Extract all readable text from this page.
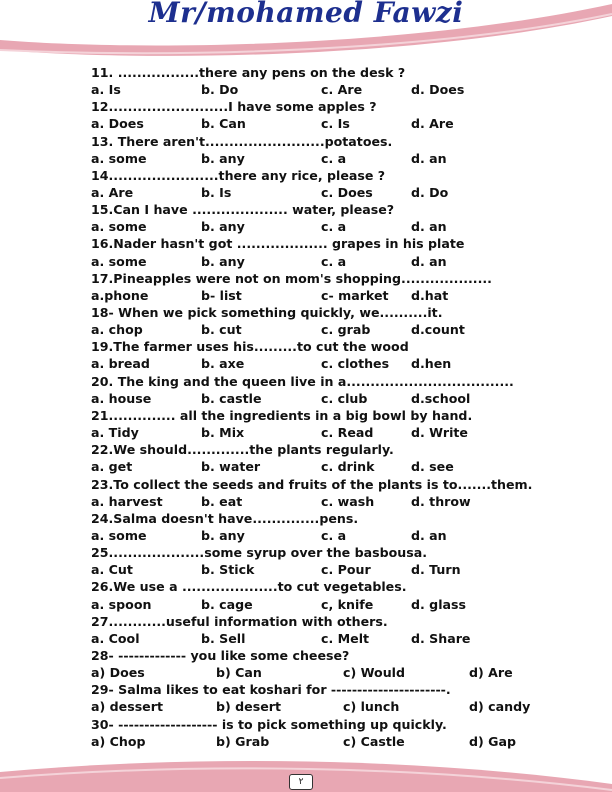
Mr/mohamed Fawzi
11. .................there any pens on the desk ?
a. Is	b. Do	c. Are	d. Does
12.........................I have some apples ?
a. Does	b. Can	c. Is	d. Are
13. There aren't.........................potatoes.
a. some	b. any	c. a	d. an
14.......................there any rice, please ?
a. Are	b. Is	c. Does	d. Do
15.Can I have .................... water, please?
a. some	b. any	c. a	d. an
16.Nader hasn't got ................... grapes in his plate
a. some	b. any	c. a	d. an
17.Pineapples were not on mom's shopping...................
a.phone	b- list	c- market d.hat
18- When we pick something quickly, we..........it.
a. chop	b. cut	c. grab	d.count
19.The farmer uses his.........to cut the wood
a. bread	b. axe	c. clothes d.hen
20. The king and the queen live in a...................................
a. house	b. castle	c. club	d.school
21.............. all the ingredients in a big bowl by hand.
a. Tidy	b. Mix	c. Read	d. Write
22.We should.............the plants regularly.
a. get	b. water	c. drink	d. see
23.To collect the seeds and fruits of the plants is to.......them.
a. harvest	b. eat	c. wash	d. throw
24.Salma doesn't have..............pens.
a. some	b. any	c. a	d. an
25....................some syrup over the basbousa.
a. Cut	b. Stick	c. Pour	d. Turn
26.We use a ....................to cut vegetables.
a. spoon	b. cage	c, knife	d. glass
27............useful information with others.
a. Cool	b. Sell	c. Melt	d. Share
28- ------------- you like some cheese?
a) Does	b) Can	c) Would	d) Are
29- Salma likes to eat koshari for ----------------------.
a) dessert	b) desert	c) lunch	d) candy
30- ------------------- is to pick something up quickly.
a) Chop	b) Grab	c) Castle	d) Gap
٢
